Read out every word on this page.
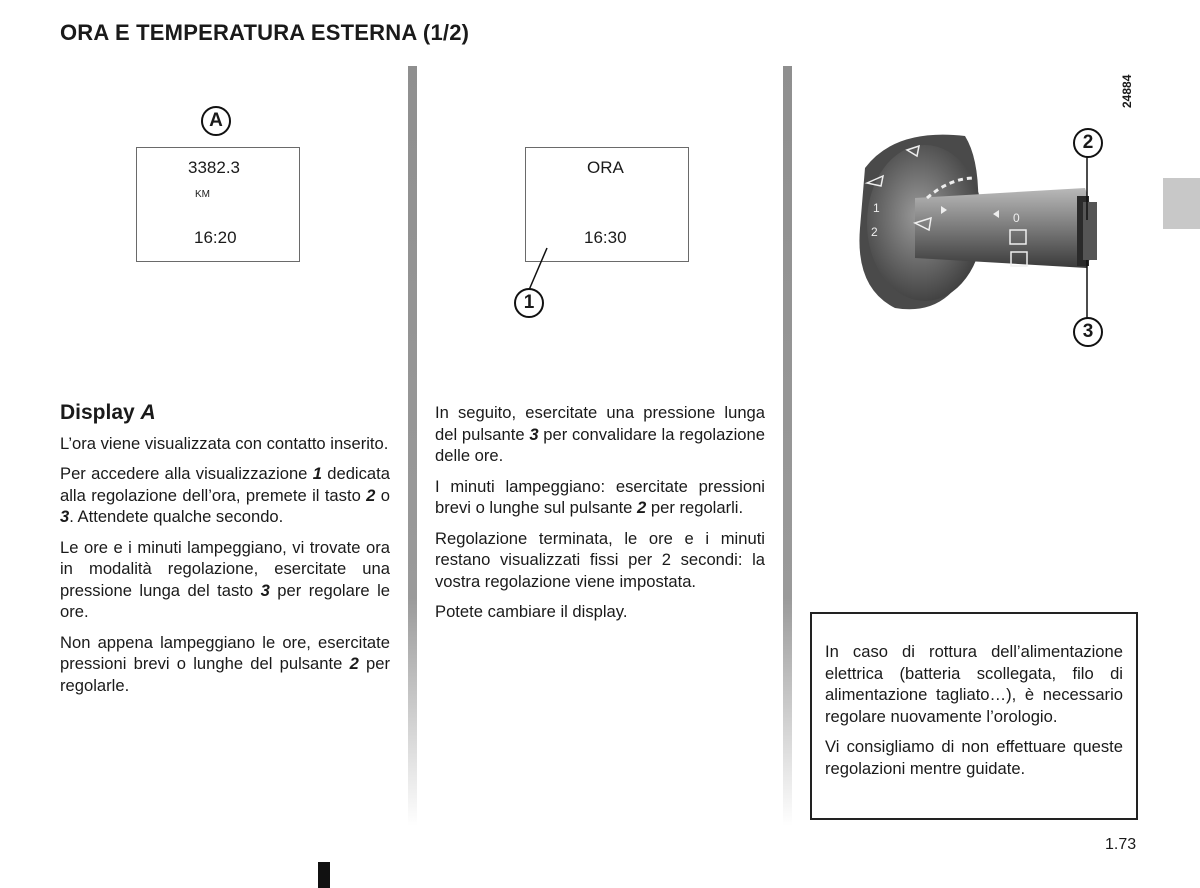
ORA E TEMPERATURA ESTERNA (1/2)
A
3382.3
KM
16:20
ORA
16:30
1
1
2
0
2
3
24884
Display A

L’ora viene visualizzata con contatto inserito.

Per accedere alla visualizzazione 1 dedicata alla regolazione dell’ora, premete il tasto 2 o 3. Attendete qualche secondo.

Le ore e i minuti lampeggiano, vi trovate ora in modalità regolazione, esercitate una pressione lunga del tasto 3 per regolare le ore.

Non appena lampeggiano le ore, esercitate pressioni brevi o lunghe del pulsante 2 per regolarle.

In seguito, esercitate una pressione lunga del pulsante 3 per convalidare la regolazione delle ore.

I minuti lampeggiano: esercitate pressioni brevi o lunghe sul pulsante 2 per regolarli.

Regolazione terminata, le ore e i minuti restano visualizzati fissi per 2 secondi: la vostra regolazione viene impostata.

Potete cambiare il display.

In caso di rottura dell’alimentazione elettrica (batteria scollegata, filo di alimentazione tagliato…), è necessario regolare nuovamente l’orologio.

Vi consigliamo di non effettuare queste regolazioni mentre guidate.

1.73
